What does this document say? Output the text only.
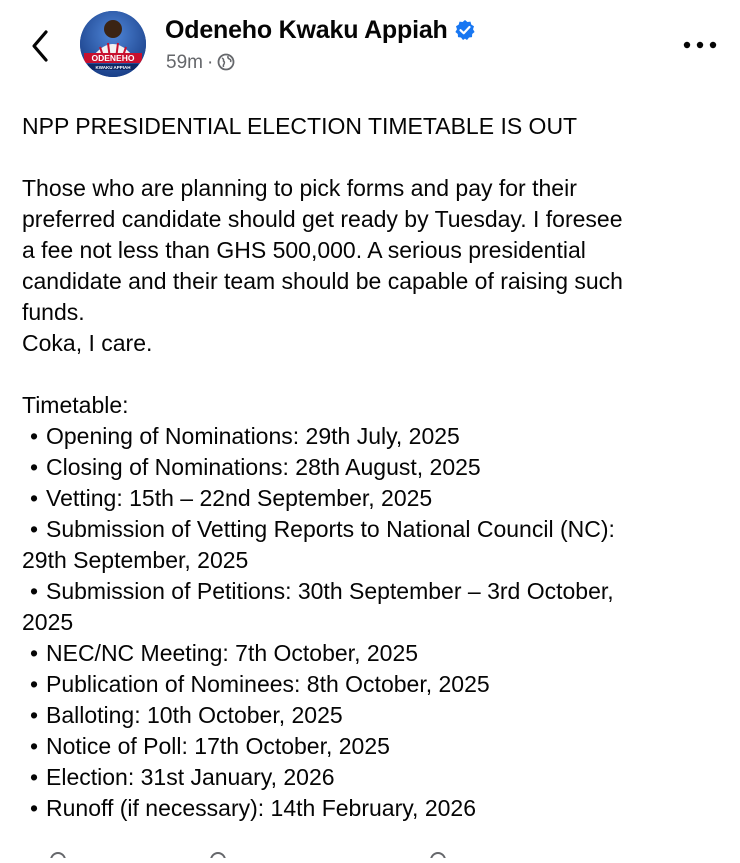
ODENEHO
KWAKU APPIAH
Odeneho Kwaku Appiah
59m ·

NPP PRESIDENTIAL ELECTION TIMETABLE IS OUT

Those who are planning to pick forms and pay for their

preferred candidate should get ready by Tuesday. I foresee

a fee not less than GHS 500,000. A serious presidential

candidate and their team should be capable of raising such

funds.

Coka, I care.

Timetable:

• Opening of Nominations: 29th July, 2025
• Closing of Nominations: 28th August, 2025
• Vetting: 15th – 22nd September, 2025
• Submission of Vetting Reports to National Council (NC):
29th September, 2025
• Submission of Petitions: 30th September – 3rd October,
2025
• NEC/NC Meeting: 7th October, 2025
• Publication of Nominees: 8th October, 2025
• Balloting: 10th October, 2025
• Notice of Poll: 17th October, 2025
• Election: 31st January, 2026
• Runoff (if necessary): 14th February, 2026
